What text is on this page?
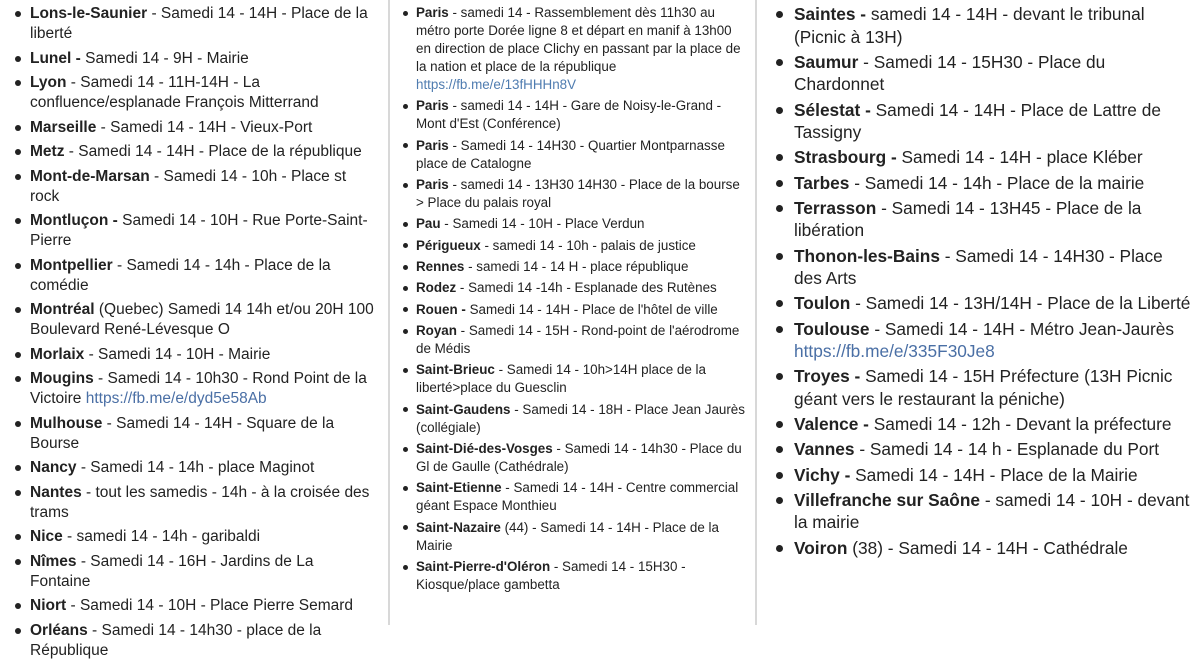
Lons-le-Saunier - Samedi 14 - 14H - Place de la liberté
Lunel - Samedi 14 - 9H - Mairie
Lyon - Samedi 14 - 11H-14H - La confluence/esplanade François Mitterrand
Marseille - Samedi 14 - 14H - Vieux-Port
Metz - Samedi 14 - 14H - Place de la république
Mont-de-Marsan - Samedi 14 - 10h - Place st rock
Montluçon - Samedi 14 - 10H - Rue Porte-Saint-Pierre
Montpellier - Samedi 14 - 14h - Place de la comédie
Montréal (Quebec) Samedi 14 14h et/ou 20H 100 Boulevard René-Lévesque O
Morlaix - Samedi 14 - 10H - Mairie
Mougins - Samedi 14 - 10h30 - Rond Point de la Victoire https://fb.me/e/dyd5e58Ab
Mulhouse - Samedi 14 - 14H - Square de la Bourse
Nancy - Samedi 14 - 14h - place Maginot
Nantes - tout les samedis - 14h - à la croisée des trams
Nice - samedi 14 - 14h - garibaldi
Nîmes - Samedi 14 - 16H - Jardins de La Fontaine
Niort - Samedi 14 - 10H - Place Pierre Semard
Orléans - Samedi 14 - 14h30 - place de la République
Paris - samedi 14 - Rassemblement dès 11h30 au métro porte Dorée ligne 8 et départ en manif à 13h00 en direction de place Clichy en passant par la place de la nation et place de la république https://fb.me/e/13fHHHn8V
Paris - samedi 14 - 14H - Gare de Noisy-le-Grand - Mont d'Est (Conférence)
Paris - Samedi 14 - 14H30 - Quartier Montparnasse place de Catalogne
Paris - samedi 14 - 13H30 14H30 - Place de la bourse > Place du palais royal
Pau - Samedi 14 - 10H - Place Verdun
Périgueux - samedi 14 - 10h - palais de justice
Rennes - samedi 14 - 14 H - place république
Rodez - Samedi 14 -14h - Esplanade des Rutènes
Rouen - Samedi 14 - 14H - Place de l'hôtel de ville
Royan - Samedi 14 - 15H - Rond-point de l'aérodrome de Médis
Saint-Brieuc - Samedi 14 - 10h>14H place de la liberté>place du Guesclin
Saint-Gaudens - Samedi 14 - 18H - Place Jean Jaurès (collégiale)
Saint-Dié-des-Vosges - Samedi 14 - 14h30 - Place du Gl de Gaulle (Cathédrale)
Saint-Etienne - Samedi 14 - 14H - Centre commercial géant Espace Monthieu
Saint-Nazaire (44) - Samedi 14 - 14H - Place de la Mairie
Saint-Pierre-d'Oléron - Samedi 14 - 15H30 - Kiosque/place gambetta
Saintes - samedi 14 - 14H - devant le tribunal (Picnic à 13H)
Saumur - Samedi 14 - 15H30 - Place du Chardonnet
Sélestat - Samedi 14 - 14H - Place de Lattre de Tassigny
Strasbourg - Samedi 14 - 14H - place Kléber
Tarbes - Samedi 14 - 14h - Place de la mairie
Terrasson - Samedi 14 - 13H45 - Place de la libération
Thonon-les-Bains - Samedi 14 - 14H30 - Place des Arts
Toulon - Samedi 14 - 13H/14H - Place de la Liberté
Toulouse - Samedi 14 - 14H - Métro Jean-Jaurès https://fb.me/e/335F30Je8
Troyes - Samedi 14 - 15H Préfecture (13H Picnic géant vers le restaurant la péniche)
Valence - Samedi 14 - 12h - Devant la préfecture
Vannes - Samedi 14 - 14 h - Esplanade du Port
Vichy - Samedi 14 - 14H - Place de la Mairie
Villefranche sur Saône - samedi 14 - 10H - devant la mairie
Voiron (38) - Samedi 14 - 14H - Cathédrale
